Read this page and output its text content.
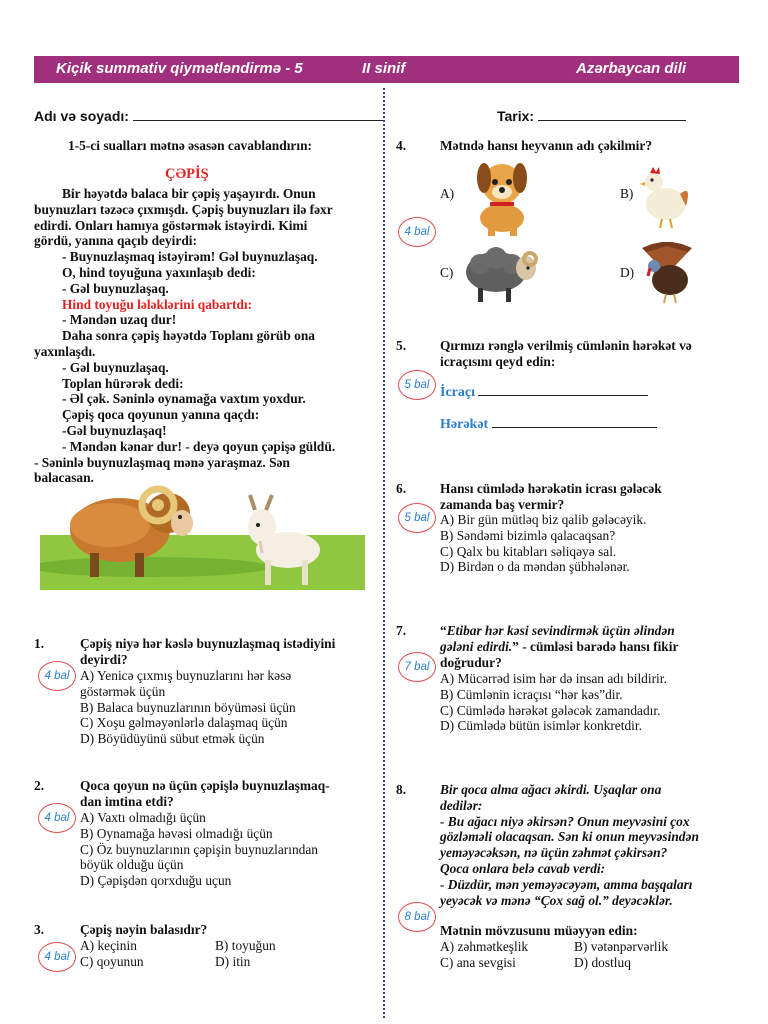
Kiçik summativ qiymətləndirmə - 5	II sinif	Azərbaycan dili
Adı və soyadı:	Tarix:
1-5-ci sualları mətnə əsasən cavablandırın:
ÇƏPİŞ
Bir həyətdə balaca bir çəpiş yaşayırdı. Onun
buynuzları təzəcə çıxmışdı. Çəpiş buynuzları ilə fəxr
edirdi. Onları hamıya göstərmək istəyirdi. Kimi
gördü, yanına qaçıb deyirdi:
- Buynuzlaşmaq istəyirəm! Gəl buynuzlaşaq.
O, hind toyuğuna yaxınlaşıb dedi:
- Gəl buynuzlaşaq.
Hind toyuğu lələklərini qabartdı:
- Məndən uzaq dur!
Daha sonra çəpiş həyətdə Toplanı görüb ona
yaxınlaşdı.
- Gəl buynuzlaşaq.
Toplan hürərək dedi:
- Əl çək. Səninlə oynamağa vaxtım yoxdur.
Çəpiş qoca qoyunun yanına qaçdı:
-Gəl buynuzlaşaq!
- Məndən kənar dur! - deyə qoyun çəpişə güldü.
- Səninlə buynuzlaşmaq mənə yaraşmaz. Sən
balacasan.
1.	Çəpiş niyə hər kəslə buynuzlaşmaq istədiyini
deyirdi?
4 bal A) Yenicə çıxmış buynuzlarını hər kəsə
göstərmək üçün
B) Balaca buynuzlarının böyüməsi üçün
C) Xoşu gəlməyənlərlə dalaşmaq üçün
D) Böyüdüyünü sübut etmək üçün
2.	Qoca qoyun nə üçün çəpişlə buynuzlaşmaq-
dan imtina etdi?
4 bal A) Vaxtı olmadığı üçün
B) Oynamağa həvəsi olmadığı üçün
C) Öz buynuzlarının çəpişin buynuzlarından
böyük olduğu üçün
D) Çəpişdən qorxduğu uçun
3.	Çəpiş nəyin balasıdır?
4 bal
A) keçinin	B) toyuğun
C) qoyunun	D) itin
4.	Mətndə hansı heyvanın adı çəkilmir?
4 bal
A)	B)
C)	D)
5.	Qırmızı rənglə verilmiş cümlənin hərəkət və
icraçısını qeyd edin:
5 bal İcraçı
Hərəkət
6.	Hansı cümlədə hərəkətin icrası gələcək
zamanda baş vermir?
5 bal A) Bir gün mütləq biz qalib gələcəyik.
B) Səndəmi bizimlə qalacaqsan?
C) Qalx bu kitabları səliqəyə sal.
D) Birdən o da məndən şübhələnər.
7.	“Etibar hər kəsi sevindirmək üçün əlindən
gələni edirdi.” - cümləsi barədə hansı fikir
doğrudur?
7 bal
A) Mücərrəd isim hər də insan adı bildirir.
B) Cümlənin icraçısı “hər kəs”dir.
C) Cümlədə hərəkət gələcək zamandadır.
D) Cümlədə bütün isimlər konkretdir.
8.	Bir qoca alma ağacı əkirdi. Uşaqlar ona
dedilər:
- Bu ağacı niyə əkirsən? Onun meyvəsini çox
gözləməli olacaqsan. Sən ki onun meyvəsindən
yeməyəcəksən, nə üçün zəhmət çəkirsən?
Qoca onlara belə cavab verdi:
- Düzdür, mən yeməyəcəyəm, amma başqaları
yeyəcək və mənə “Çox sağ ol.” deyəcəklər.
8 bal
Mətnin mövzusunu müəyyən edin:
A) zəhmətkeşlik	B) vətənpərvərlik
C) ana sevgisi	D) dostluq
